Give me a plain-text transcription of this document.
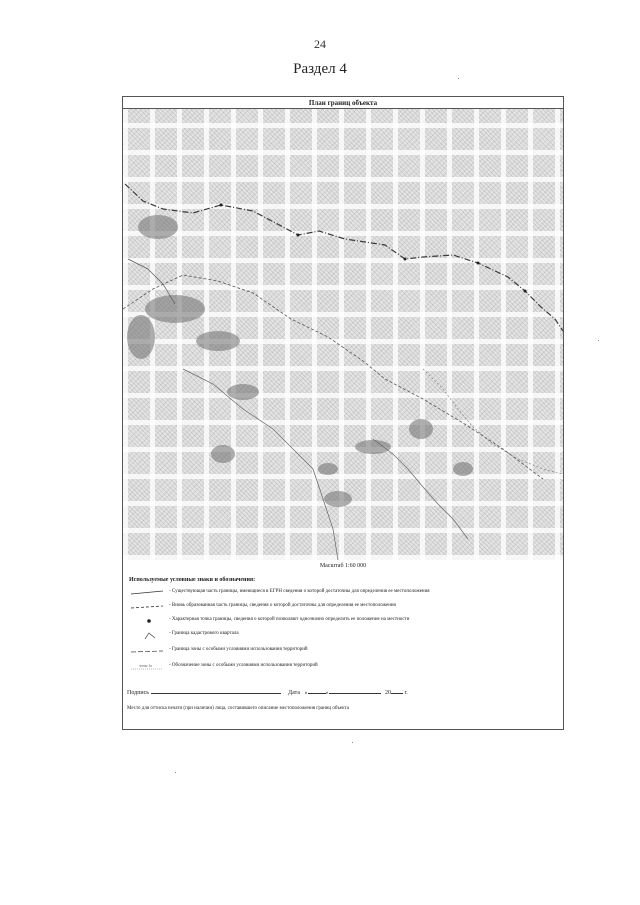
24
Раздел 4
План границ объекта
Масштаб 1:60 000
Используемые условные знаки и обозначения:
- Существующая часть границы, имеющиеся в ЕГРН сведения о которой достаточны для определения ее местоположения
- Вновь образованная часть границы, сведения о которой достаточны для определения ее местоположения
- Характерная точка границы, сведения о которой позволяют однозначно определить ее положение на местности
- Граница кадастрового квартала
- Граница зоны с особыми условиями использования территорий
зоны 1к	- Обозначение зоны с особыми условиями использования территорий
Подпись	Дата «	»	20 г.
Место для оттиска печати (при наличии) лица, составившего описание местоположения границ объекта
